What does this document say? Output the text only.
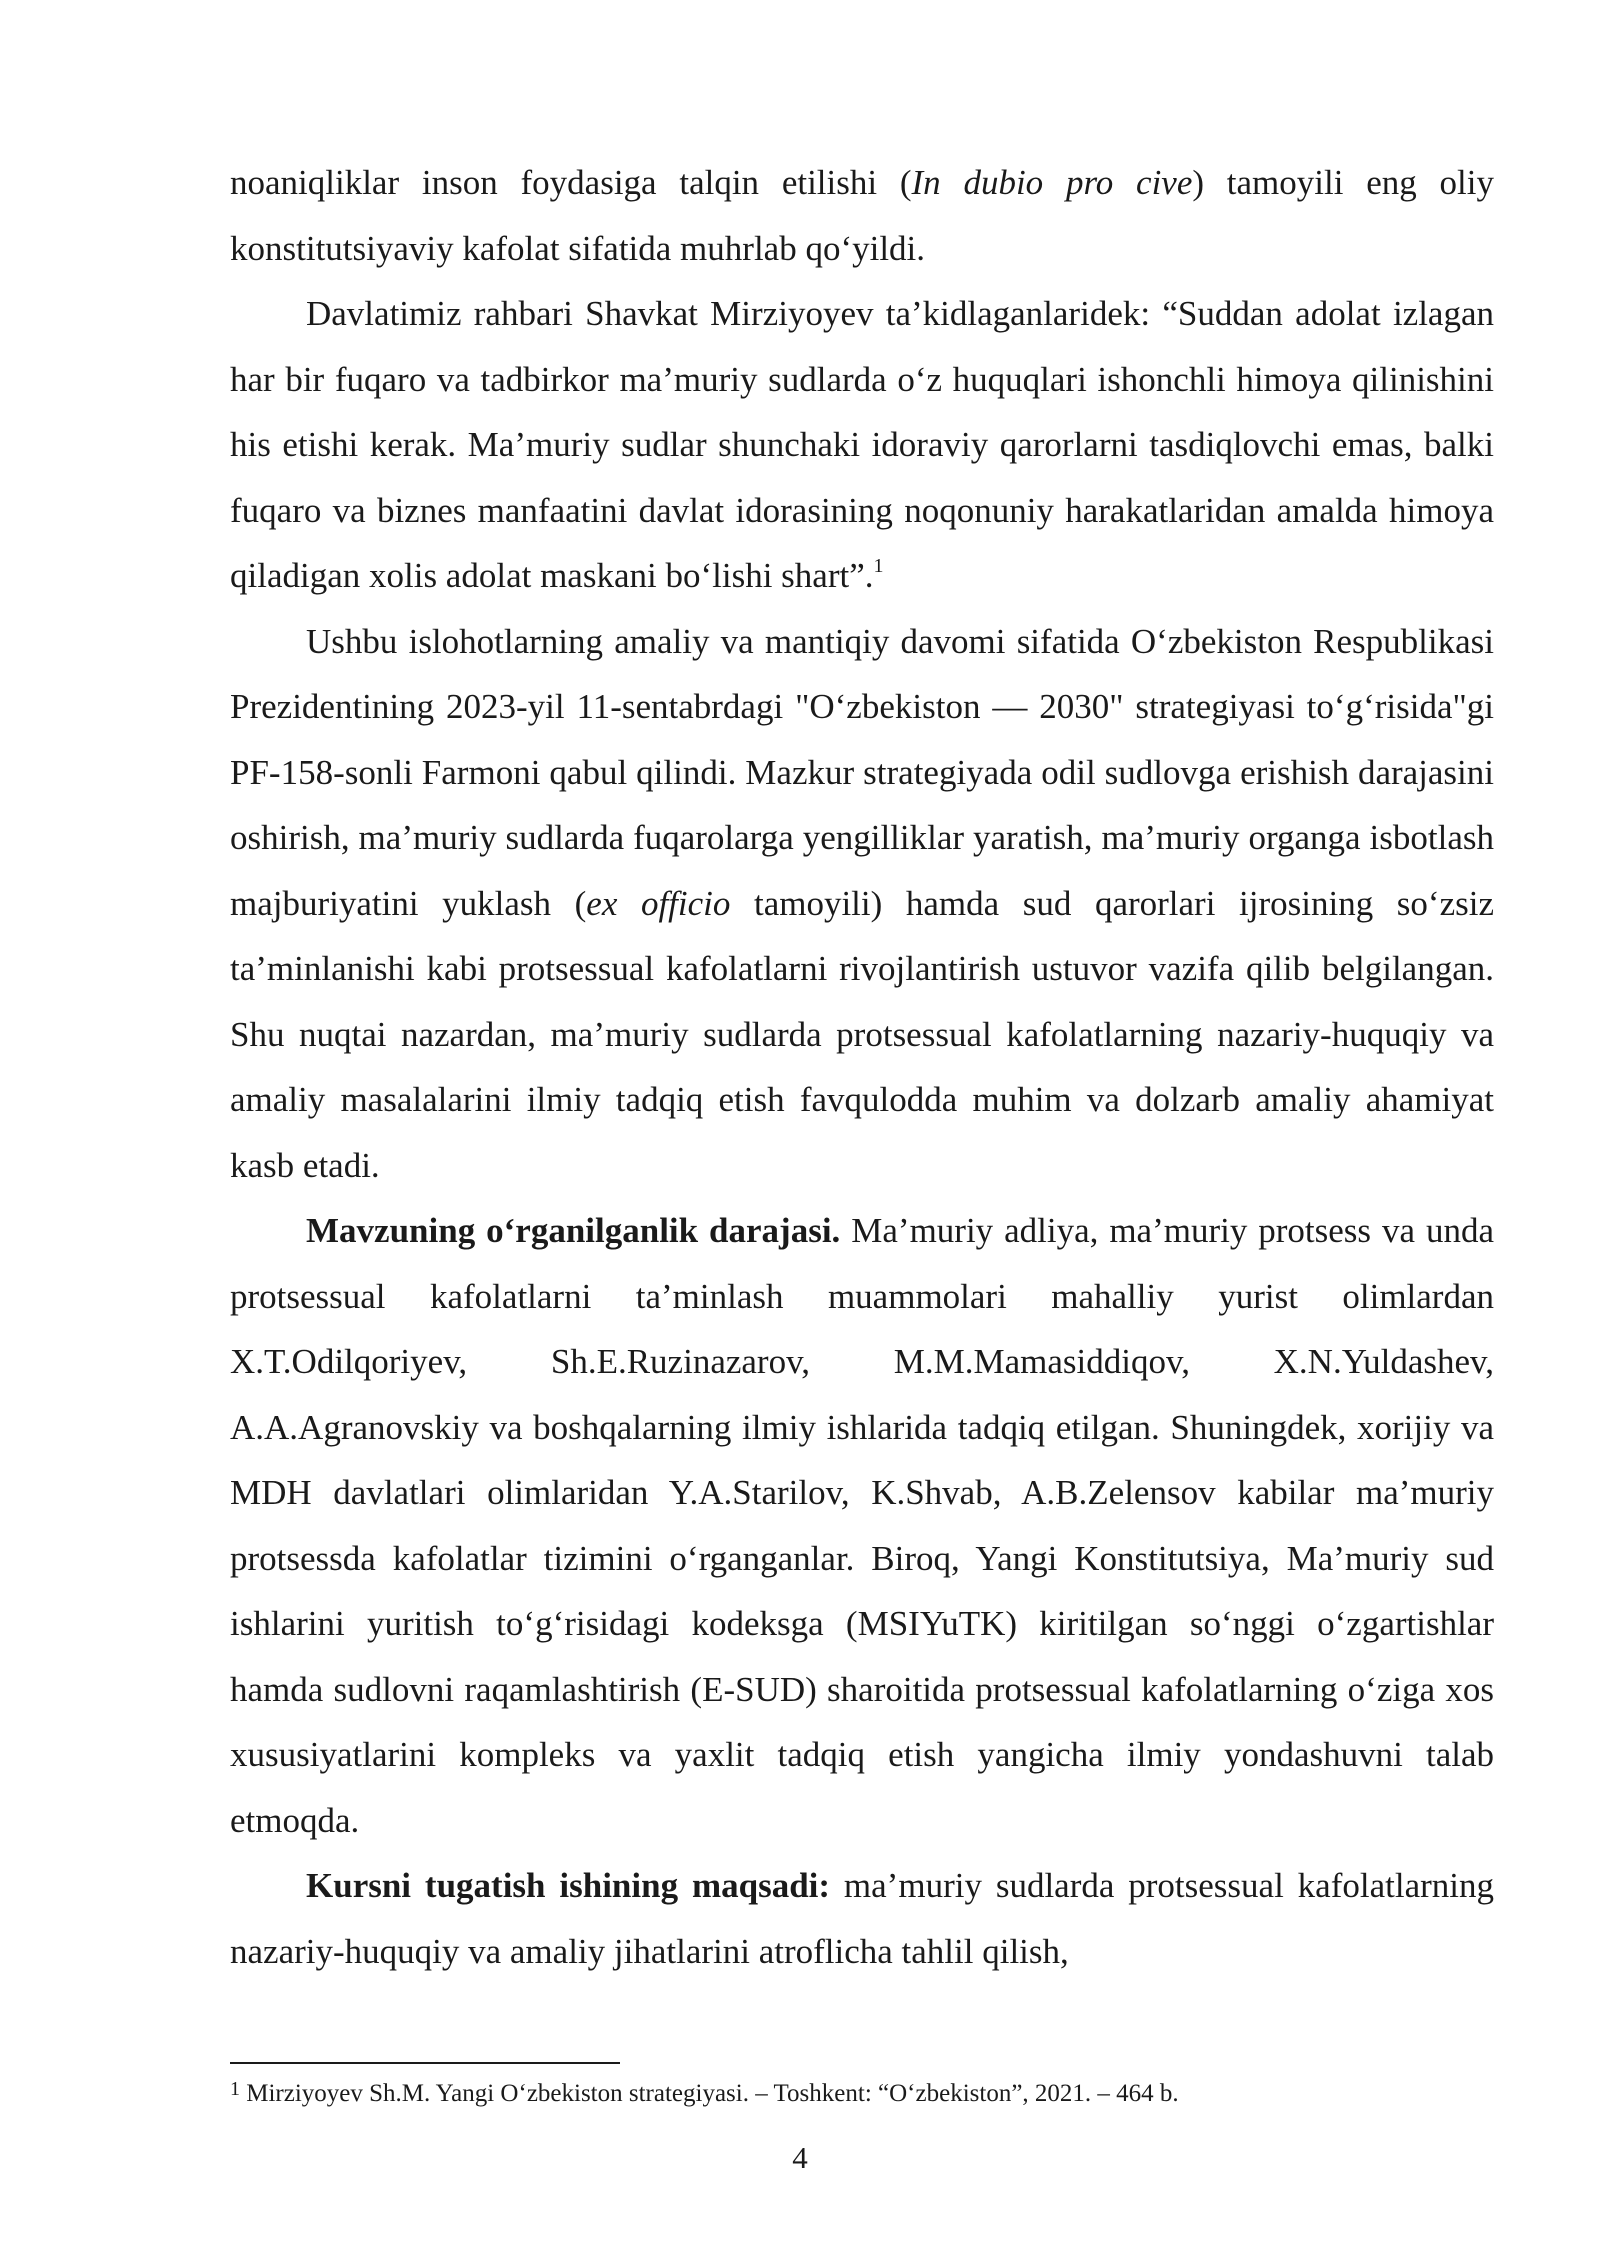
noaniqliklar inson foydasiga talqin etilishi (In dubio pro cive) tamoyili eng oliy konstitutsiyaviy kafolat sifatida muhrlab qo‘yildi.

Davlatimiz rahbari Shavkat Mirziyoyev ta’kidlaganlaridek: “Suddan adolat izlagan har bir fuqaro va tadbirkor ma’muriy sudlarda o‘z huquqlari ishonchli himoya qilinishini his etishi kerak. Ma’muriy sudlar shunchaki idoraviy qarorlarni tasdiqlovchi emas, balki fuqaro va biznes manfaatini davlat idorasining noqonuniy harakatlaridan amalda himoya qiladigan xolis adolat maskani bo‘lishi shart”.$^1$

Ushbu islohotlarning amaliy va mantiqiy davomi sifatida O‘zbekiston Respublikasi Prezidentining 2023-yil 11-sentabrdagi "O‘zbekiston — 2030" strategiyasi to‘g‘risida"gi PF-158-sonli Farmoni qabul qilindi. Mazkur strategiyada odil sudlovga erishish darajasini oshirish, ma’muriy sudlarda fuqarolarga yengilliklar yaratish, ma’muriy organga isbotlash majburiyatini yuklash (ex officio tamoyili) hamda sud qarorlari ijrosining so‘zsiz ta’minlanishi kabi protsessual kafolatlarni rivojlantirish ustuvor vazifa qilib belgilangan. Shu nuqtai nazardan, ma’muriy sudlarda protsessual kafolatlarning nazariy-huquqiy va amaliy masalalarini ilmiy tadqiq etish favqulodda muhim va dolzarb amaliy ahamiyat kasb etadi.

Mavzuning o‘rganilganlik darajasi. Ma’muriy adliya, ma’muriy protsess va unda protsessual kafolatlarni ta’minlash muammolari mahalliy yurist olimlardan X.T.Odilqoriyev, Sh.E.Ruzinazarov, M.M.Mamasiddiqov, X.N.Yuldashev, A.A.Agranovskiy va boshqalarning ilmiy ishlarida tadqiq etilgan. Shuningdek, xorijiy va MDH davlatlari olimlaridan Y.A.Starilov, K.Shvab, A.B.Zelensov kabilar ma’muriy protsessda kafolatlar tizimini o‘rganganlar. Biroq, Yangi Konstitutsiya, Ma’muriy sud ishlarini yuritish to‘g‘risidagi kodeksga (MSIYuTK) kiritilgan so‘nggi o‘zgartishlar hamda sudlovni raqamlashtirish (E-SUD) sharoitida protsessual kafolatlarning o‘ziga xos xususiyatlarini kompleks va yaxlit tadqiq etish yangicha ilmiy yondashuvni talab etmoqda.

Kursni tugatish ishining maqsadi: ma’muriy sudlarda protsessual kafolatlarning nazariy-huquqiy va amaliy jihatlarini atroflicha tahlil qilish,

$^1$ Mirziyoyev Sh.M. Yangi O‘zbekiston strategiyasi. – Toshkent: “O‘zbekiston”, 2021. – 464 b.
4
